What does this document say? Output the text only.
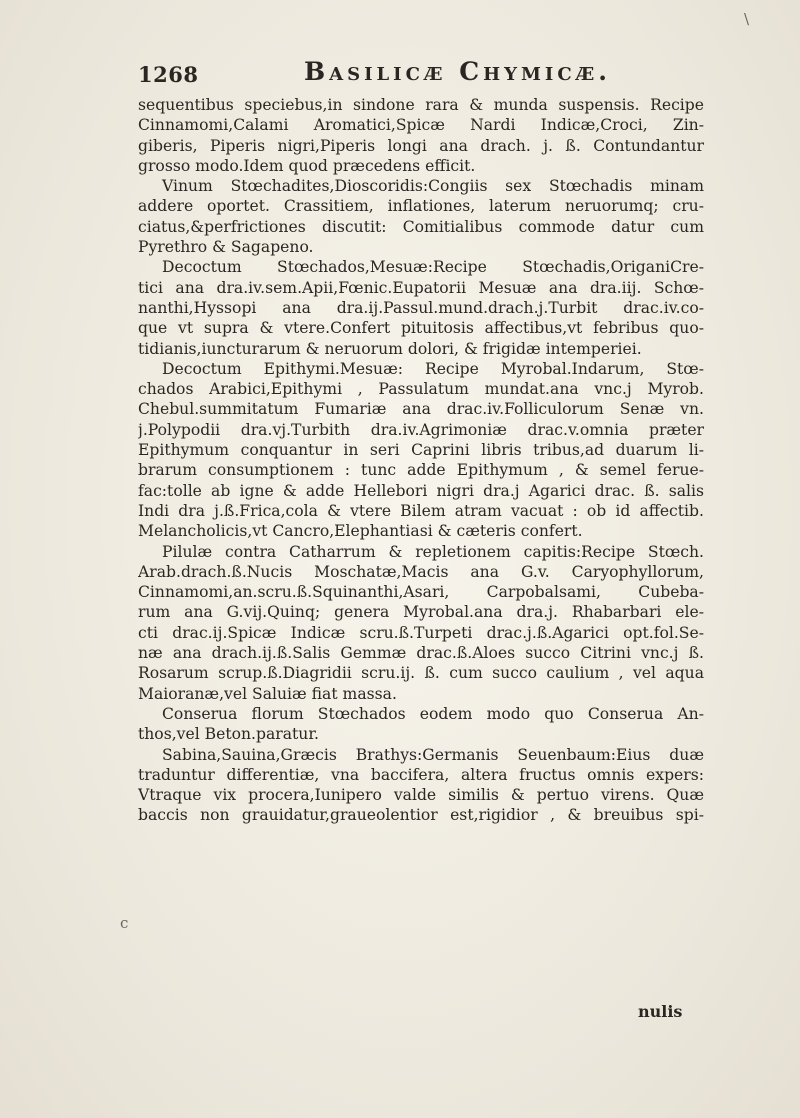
\
c
1268	Basilicæ Chymicæ.
sequentibus speciebus,in sindone rara & munda suspensis. Recipe
Cinnamomi,Calami Aromatici,Spicæ Nardi Indicæ,Croci, Zin-
giberis, Piperis nigri,Piperis longi ana drach. j. ß. Contundantur
grosso modo.Idem quod præcedens efficit.
Vinum Stœchadites,Dioscoridis:Congiis sex Stœchadis minam
addere oportet. Crassitiem, inflationes, laterum neruorumq; cru-
ciatus,&perfrictiones discutit: Comitialibus commode datur cum
Pyrethro & Sagapeno.
Decoctum Stœchados,Mesuæ:Recipe Stœchadis,OriganiCre-
tici ana dra.iv.sem.Apii,Fœnic.Eupatorii Mesuæ ana dra.iij. Schœ-
nanthi,Hyssopi ana dra.ij.Passul.mund.drach.j.Turbit drac.iv.co-
que vt supra & vtere.Confert pituitosis affectibus,vt febribus quo-
tidianis,iuncturarum & neruorum dolori, & frigidæ intemperiei.
Decoctum Epithymi.Mesuæ: Recipe Myrobal.Indarum, Stœ-
chados Arabici,Epithymi , Passulatum mundat.ana vnc.j Myrob.
Chebul.summitatum Fumariæ ana drac.iv.Folliculorum Senæ vn.
j.Polypodii dra.vj.Turbith dra.iv.Agrimoniæ drac.v.omnia præter
Epithymum conquantur in seri Caprini libris tribus,ad duarum li-
brarum consumptionem : tunc adde Epithymum , & semel ferue-
fac:tolle ab igne & adde Hellebori nigri dra.j Agarici drac. ß. salis
Indi dra j.ß.Frica,cola & vtere Bilem atram vacuat : ob id affectib.
Melancholicis,vt Cancro,Elephantiasi & cæteris confert.
Pilulæ contra Catharrum & repletionem capitis:Recipe Stœch.
Arab.drach.ß.Nucis Moschatæ,Macis ana G.v. Caryophyllorum,
Cinnamomi,an.scru.ß.Squinanthi,Asari, Carpobalsami, Cubeba-
rum ana G.vij.Quinq; genera Myrobal.ana dra.j. Rhabarbari ele-
cti drac.ij.Spicæ Indicæ scru.ß.Turpeti drac.j.ß.Agarici opt.fol.Se-
næ ana drach.ij.ß.Salis Gemmæ drac.ß.Aloes succo Citrini vnc.j ß.
Rosarum scrup.ß.Diagridii scru.ij. ß. cum succo caulium , vel aqua
Maioranæ,vel Saluiæ fiat massa.
Conserua florum Stœchados eodem modo quo Conserua An-
thos,vel Beton.paratur.
Sabina,Sauina,Græcis Brathys:Germanis Seuenbaum:Eius duæ
traduntur differentiæ, vna baccifera, altera fructus omnis expers:
Vtraque vix procera,Iunipero valde similis & pertuo virens. Quæ
baccis non grauidatur,graueolentior est,rigidior , & breuibus spi-
nulis
